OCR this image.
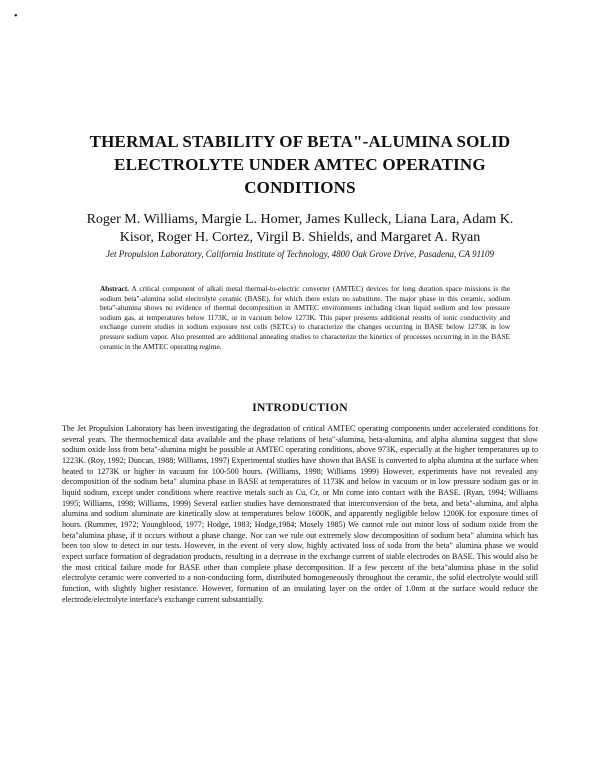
•
THERMAL STABILITY OF BETA"-ALUMINA SOLID ELECTROLYTE UNDER AMTEC OPERATING CONDITIONS
Roger M. Williams, Margie L. Homer, James Kulleck, Liana Lara, Adam K. Kisor, Roger H. Cortez, Virgil B. Shields, and Margaret A. Ryan
Jet Propulsion Laboratory, California Institute of Technology, 4800 Oak Grove Drive, Pasadena, CA 91109
Abstract. A critical component of alkali metal thermal-to-electric converter (AMTEC) devices for long duration space missions is the sodium beta"-alumina solid electrolyte ceramic (BASE), for which there exists no substitute. The major phase in this ceramic, sodium beta"-alumina shows no evidence of thermal decomposition in AMTEC environments including clean liquid sodium and low pressure sodium gas, at temperatures below 1173K, or in vacuum below 1273K. This paper presents additional results of ionic conductivity and exchange current studies in sodium exposure test cells (SETCs) to characterize the changes occurring in BASE below 1273K in low pressure sodium vapor. Also presented are additional annealing studies to characterize the kinetics of processes occurring in in the BASE ceramic in the AMTEC operating regime.
INTRODUCTION
The Jet Propulsion Laboratory has been investigating the degradation of critical AMTEC operating components under accelerated conditions for several years. The thermochemical data available and the phase relations of beta"-alumina, beta-alumina, and alpha alumina suggest that slow sodium oxide loss from beta"-alumina might be possible at AMTEC operating conditions, above 973K, especially at the higher temperatures up to 1223K. (Roy, 1992; Duncan, 1988; Williams, 1997) Experimental studies have shown that BASE is converted to alpha alumina at the surface when heated to 1273K or higher in vacuum for 100-500 hours. (Williams, 1998; Williams 1999) However, experiments have not revealed any decomposition of the sodium beta" alumina phase in BASE at temperatures of 1173K and below in vacuum or in low pressure sodium gas or in liquid sodium, except under conditions where reactive metals such as Cu, Cr, or Mn come into contact with the BASE. (Ryan, 1994; Williams 1995; Williams, 1998; Williams, 1999) Several earlier studies have demonstrated that interconversion of the beta, and beta"-alumina, and alpha alumina and sodium aluminate are kinetically slow at temperatures below 1600K, and apparently negligible below 1200K for exposure times of hours. (Rummer, 1972; Youngblood, 1977; Hodge, 1983; Hodge,1984; Mosely 1985) We cannot rule out minor loss of sodium oxide from the beta"alumina phase, if it occurs without a phase change. Nor can we rule out extremely slow decomposition of sodium beta" alumina which has been too slow to detect in our tests. However, in the event of very slow, highly activated loss of soda from the beta" alumina phase we would expect surface formation of degradation products, resulting in a decrease in the exchange current of stable electrodes on BASE. This would also be the most critical failure mode for BASE other than complete phase decomposition. If a few percent of the beta"alumina phase in the solid electrolyte ceramic were converted to a non-conducting form, distributed homogeneously throughout the ceramic, the solid electrolyte would still function, with slightly higher resistance. However, formation of an insulating layer on the order of 1.0nm at the surface would reduce the electrode/electrolyte interface's exchange current substantially.
